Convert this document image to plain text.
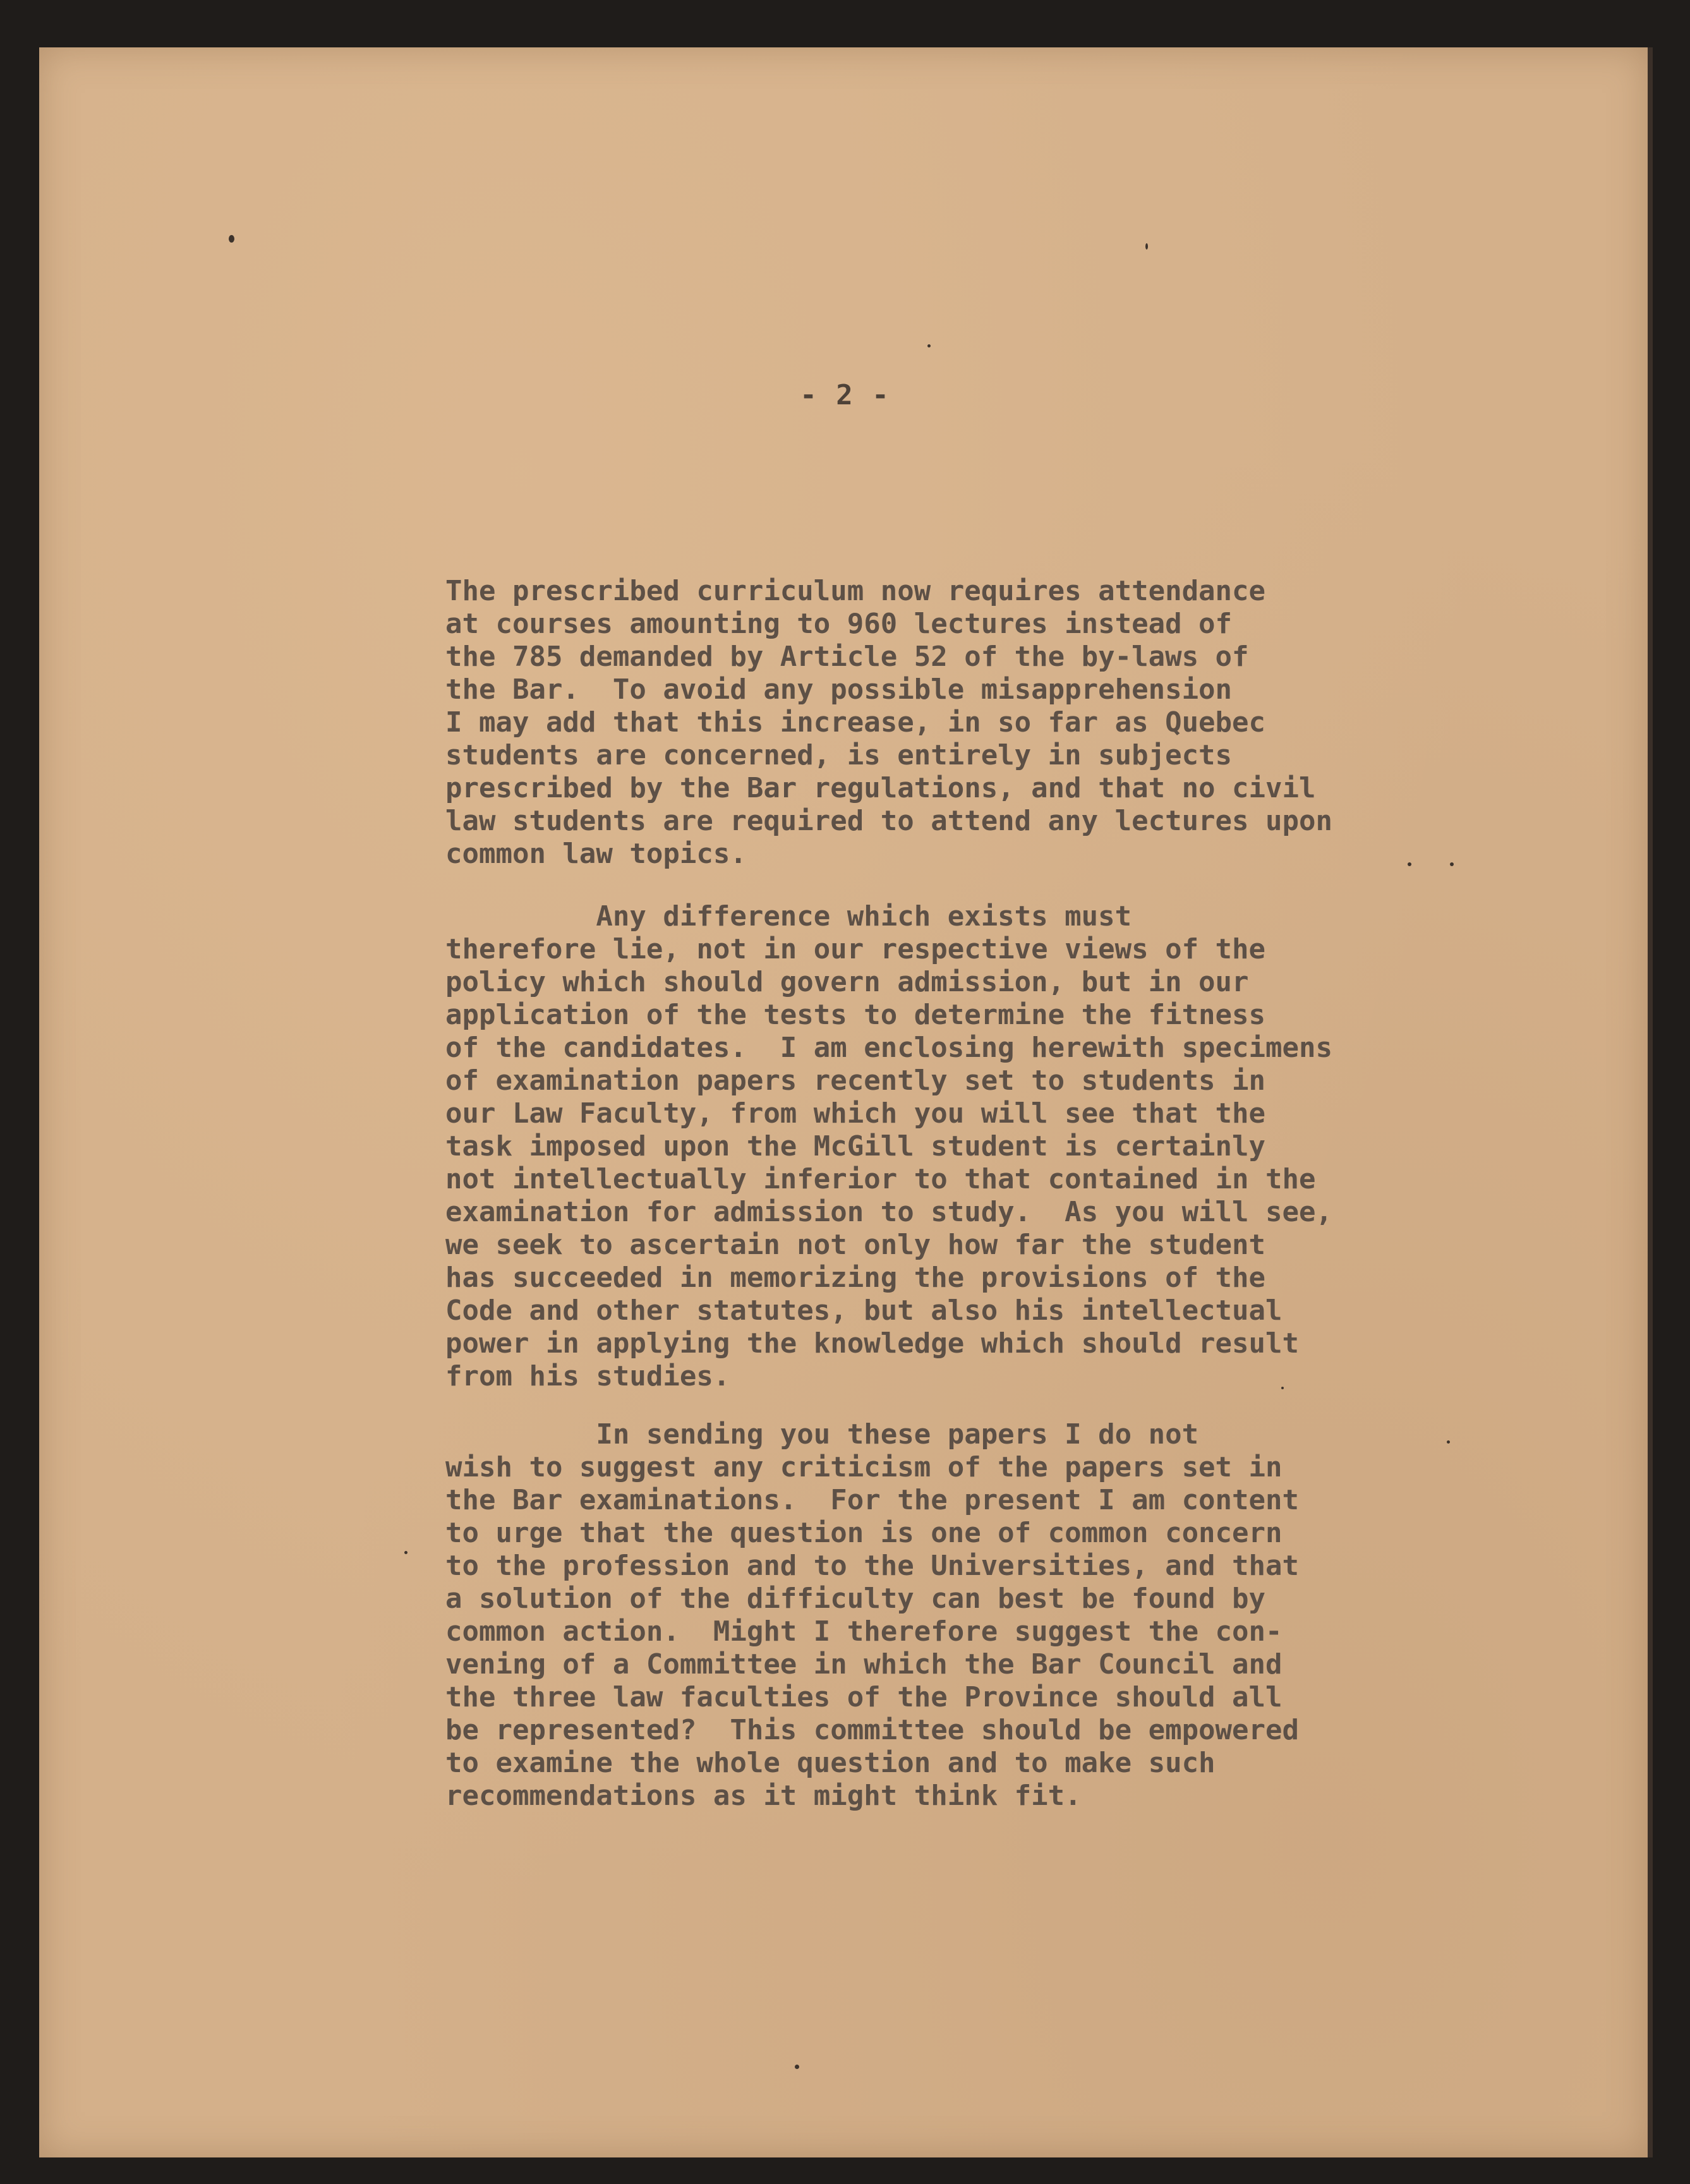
- 2 -

The prescribed curriculum now requires attendance
at courses amounting to 960 lectures instead of
the 785 demanded by Article 52 of the by-laws of
the Bar.  To avoid any possible misapprehension
I may add that this increase, in so far as Quebec
students are concerned, is entirely in subjects
prescribed by the Bar regulations, and that no civil
law students are required to attend any lectures upon
common law topics.

Any difference which exists must
therefore lie, not in our respective views of the
policy which should govern admission, but in our
application of the tests to determine the fitness
of the candidates.  I am enclosing herewith specimens
of examination papers recently set to students in
our Law Faculty, from which you will see that the
task imposed upon the McGill student is certainly
not intellectually inferior to that contained in the
examination for admission to study.  As you will see,
we seek to ascertain not only how far the student
has succeeded in memorizing the provisions of the
Code and other statutes, but also his intellectual
power in applying the knowledge which should result
from his studies.

In sending you these papers I do not
wish to suggest any criticism of the papers set in
the Bar examinations.  For the present I am content
to urge that the question is one of common concern
to the profession and to the Universities, and that
a solution of the difficulty can best be found by
common action.  Might I therefore suggest the con-
vening of a Committee in which the Bar Council and
the three law faculties of the Province should all
be represented?  This committee should be empowered
to examine the whole question and to make such
recommendations as it might think fit.
